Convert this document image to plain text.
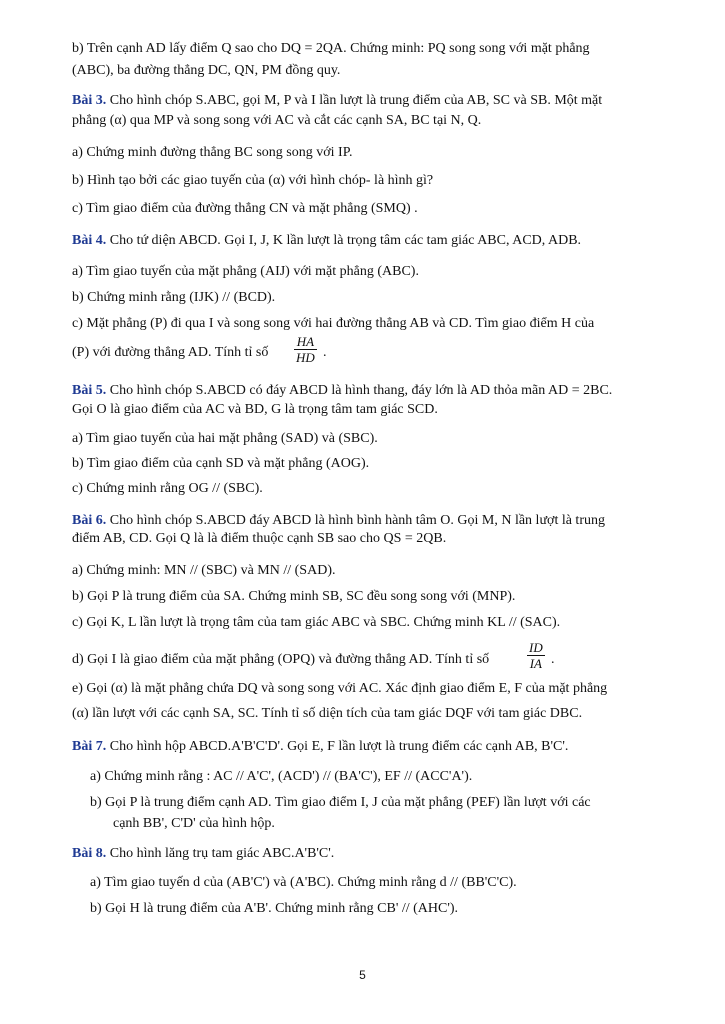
b) Trên cạnh AD lấy điểm Q sao cho DQ = 2QA. Chứng minh: PQ song song với mặt phẳng
(ABC), ba đường thẳng DC, QN, PM đồng quy.
Bài 3. Cho hình chóp S.ABC, gọi M, P và I lần lượt là trung điểm của AB, SC và SB. Một mặt
phẳng (α) qua MP và song song với AC và cắt các cạnh SA, BC tại N, Q.
a) Chứng minh đường thẳng BC song song với IP.
b) Hình tạo bởi các giao tuyến của (α) với hình chóp- là hình gì?
c) Tìm giao điểm của đường thẳng CN và mặt phẳng (SMQ) .
Bài 4. Cho tứ diện ABCD. Gọi I, J, K lần lượt là trọng tâm các tam giác ABC, ACD, ADB.
a) Tìm giao tuyến của mặt phẳng (AIJ) với mặt phẳng (ABC).
b) Chứng minh rằng (IJK) // (BCD).
c) Mặt phẳng (P) đi qua I và song song với hai đường thẳng AB và CD. Tìm giao điểm H của
(P) với đường thẳng AD. Tính tỉ số $\frac{HA}{HD}$ .
Bài 5. Cho hình chóp S.ABCD có đáy ABCD là hình thang, đáy lớn là AD thỏa mãn AD = 2BC.
Gọi O là giao điểm của AC và BD, G là trọng tâm tam giác SCD.
a) Tìm giao tuyến của hai mặt phẳng (SAD) và (SBC).
b) Tìm giao điểm của cạnh SD và mặt phẳng (AOG).
c) Chứng minh rằng OG // (SBC).
Bài 6. Cho hình chóp S.ABCD đáy ABCD là hình bình hành tâm O. Gọi M, N lần lượt là trung
điểm AB, CD. Gọi Q là là điểm thuộc cạnh SB sao cho QS = 2QB.
a) Chứng minh: MN // (SBC) và MN // (SAD).
b) Gọi P là trung điểm của SA. Chứng minh SB, SC đều song song với (MNP).
c) Gọi K, L lần lượt là trọng tâm của tam giác ABC và SBC. Chứng minh KL // (SAC).
d) Gọi I là giao điểm của mặt phẳng (OPQ) và đường thẳng AD. Tính tỉ số	$\frac{ID}{IA}$ .
e) Gọi (α) là mặt phẳng chứa DQ và song song với AC. Xác định giao điểm E, F của mặt phẳng
(α) lần lượt với các cạnh SA, SC. Tính tỉ số diện tích của tam giác DQF với tam giác DBC.
Bài 7. Cho hình hộp ABCD.A'B'C'D'. Gọi E, F lần lượt là trung điểm các cạnh AB, B'C'.
a) Chứng minh rằng : AC // A'C', (ACD') // (BA'C'), EF // (ACC'A').
b) Gọi P là trung điểm cạnh AD. Tìm giao điểm I, J của mặt phẳng (PEF) lần lượt với các
cạnh BB', C'D' của hình hộp.
Bài 8. Cho hình lăng trụ tam giác ABC.A'B'C'.
a) Tìm giao tuyến d của (AB'C') và (A'BC). Chứng minh rằng d // (BB'C'C).
b) Gọi H là trung điểm của A'B'. Chứng minh rằng CB' // (AHC').
5
